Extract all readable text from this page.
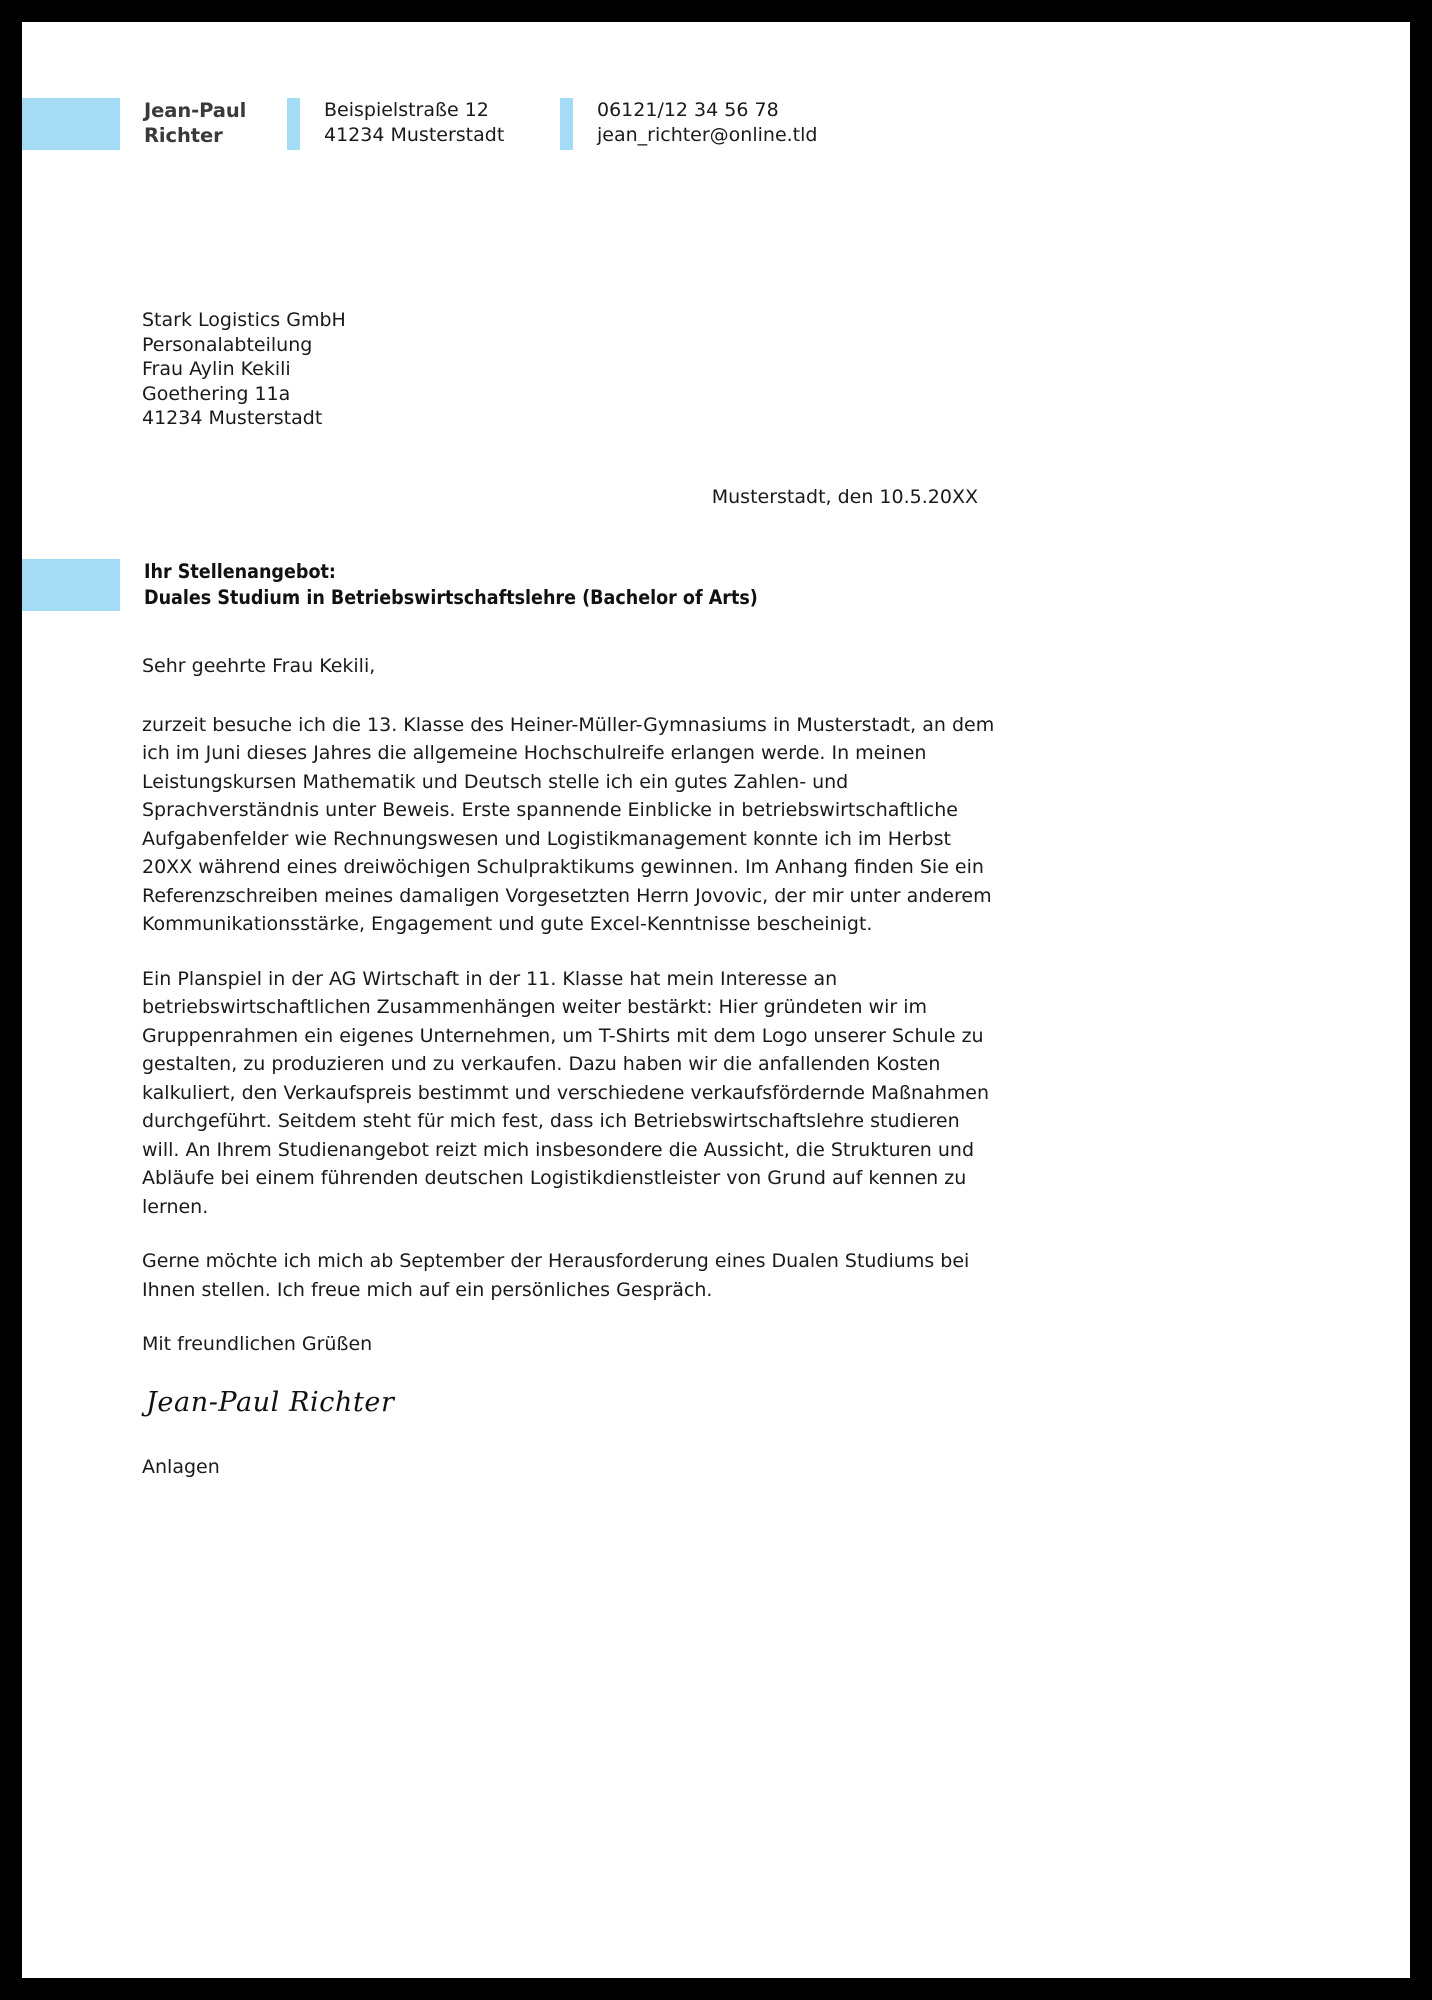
Jean-Paul
Richter
Beispielstraße 12
41234 Musterstadt
06121/12 34 56 78
jean_richter@online.tld
Stark Logistics GmbH
Personalabteilung
Frau Aylin Kekili
Goethering 11a
41234 Musterstadt
Musterstadt, den 10.5.20XX
Ihr Stellenangebot:
Duales Studium in Betriebswirtschaftslehre (Bachelor of Arts)

Sehr geehrte Frau Kekili,

zurzeit besuche ich die 13. Klasse des Heiner-Müller-Gymnasiums in Musterstadt, an dem ich im Juni dieses Jahres die allgemeine Hochschulreife erlangen werde. In meinen Leistungskursen Mathematik und Deutsch stelle ich ein gutes Zahlen- und Sprachverständnis unter Beweis. Erste spannende Einblicke in betriebswirtschaftliche Aufgabenfelder wie Rechnungswesen und Logistikmanagement konnte ich im Herbst 20XX während eines dreiwöchigen Schulpraktikums gewinnen. Im Anhang finden Sie ein Referenzschreiben meines damaligen Vorgesetzten Herrn Jovovic, der mir unter anderem Kommunikationsstärke, Engagement und gute Excel-Kenntnisse bescheinigt.

Ein Planspiel in der AG Wirtschaft in der 11. Klasse hat mein Interesse an betriebswirtschaftlichen Zusammenhängen weiter bestärkt: Hier gründeten wir im Gruppenrahmen ein eigenes Unternehmen, um T-Shirts mit dem Logo unserer Schule zu gestalten, zu produzieren und zu verkaufen. Dazu haben wir die anfallenden Kosten kalkuliert, den Verkaufspreis bestimmt und verschiedene verkaufsfördernde Maßnahmen durchgeführt. Seitdem steht für mich fest, dass ich Betriebswirtschaftslehre studieren will. An Ihrem Studienangebot reizt mich insbesondere die Aussicht, die Strukturen und Abläufe bei einem führenden deutschen Logistikdienstleister von Grund auf kennen zu lernen.

Gerne möchte ich mich ab September der Herausforderung eines Dualen Studiums bei Ihnen stellen. Ich freue mich auf ein persönliches Gespräch.

Mit freundlichen Grüßen

Jean-Paul Richter
Anlagen
